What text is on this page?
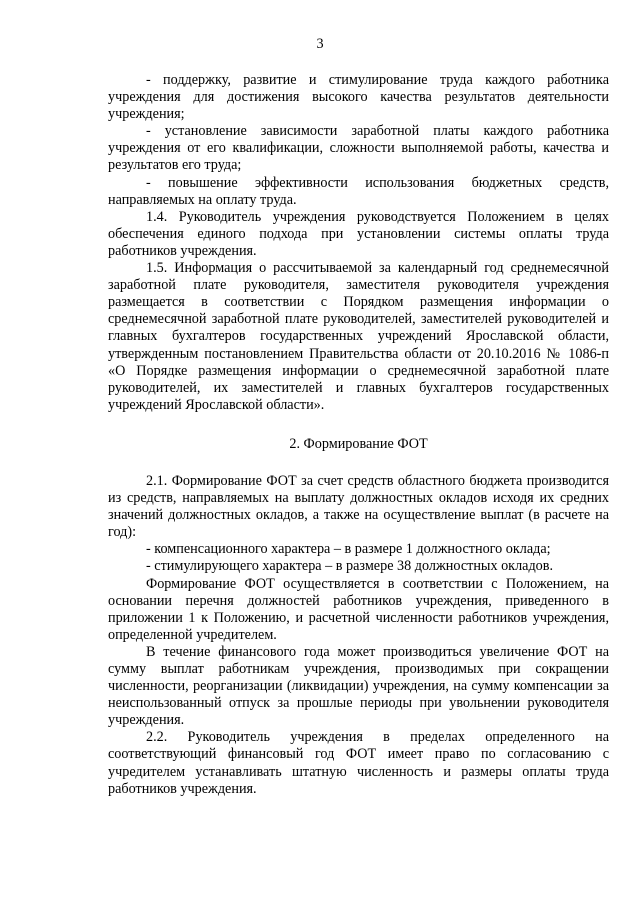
3

- поддержку, развитие и стимулирование труда каждого работника учреждения для достижения высокого качества результатов деятельности учреждения;

- установление зависимости заработной платы каждого работника учреждения от его квалификации, сложности выполняемой работы, качества и результатов его труда;

- повышение эффективности использования бюджетных средств, направляемых на оплату труда.

1.4. Руководитель учреждения руководствуется Положением в целях обеспечения единого подхода при установлении системы оплаты труда работников учреждения.

1.5. Информация о рассчитываемой за календарный год среднемесячной заработной плате руководителя, заместителя руководителя учреждения размещается в соответствии с Порядком размещения информации о среднемесячной заработной плате руководителей, заместителей руководителей и главных бухгалтеров государственных учреждений Ярославской области, утвержденным постановлением Правительства области от 20.10.2016 № 1086-п «О Порядке размещения информации о среднемесячной заработной плате руководителей, их заместителей и главных бухгалтеров государственных учреждений Ярославской области».

2. Формирование ФОТ

2.1. Формирование ФОТ за счет средств областного бюджета производится из средств, направляемых на выплату должностных окладов исходя их средних значений должностных окладов, а также на осуществление выплат (в расчете на год):

- компенсационного характера – в размере 1 должностного оклада;

- стимулирующего характера – в размере 38 должностных окладов.

Формирование ФОТ осуществляется в соответствии с Положением, на основании перечня должностей работников учреждения, приведенного в приложении 1 к Положению, и расчетной численности работников учреждения, определенной учредителем.

В течение финансового года может производиться увеличение ФОТ на сумму выплат работникам учреждения, производимых при сокращении численности, реорганизации (ликвидации) учреждения, на сумму компенсации за неиспользованный отпуск за прошлые периоды при увольнении руководителя учреждения.

2.2. Руководитель учреждения в пределах определенного на соответствующий финансовый год ФОТ имеет право по согласованию с учредителем устанавливать штатную численность и размеры оплаты труда работников учреждения.
